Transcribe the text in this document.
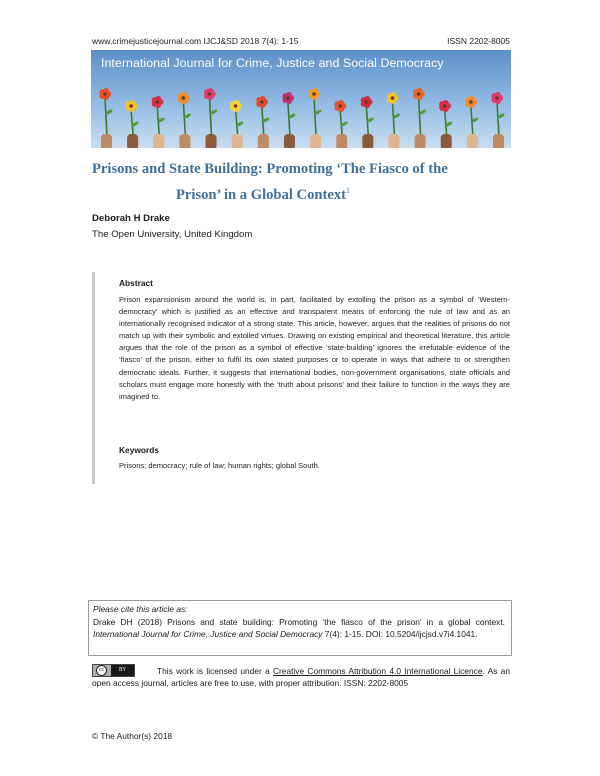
www.crimejusticejournal.com IJCJ&SD 2018 7(4): 1-15	ISSN 2202-8005
International Journal for Crime, Justice and Social Democracy
Prisons and State Building: Promoting ‘The Fiasco of the
Prison’ in a Global Context$^1$
Deborah H Drake
The Open University, United Kingdom
Abstract
Prison expansionism around the world is, in part, facilitated by extolling the prison as a symbol of ‘Western-democracy’ which is justified as an effective and transparent means of enforcing the rule of law and as an internationally recognised indicator of a strong state. This article, however, argues that the realities of prisons do not match up with their symbolic and extolled virtues. Drawing on existing empirical and theoretical literature, this article argues that the role of the prison as a symbol of effective ‘state-building’ ignores the irrefutable evidence of the ‘fiasco’ of the prison, either to fulfil its own stated purposes or to operate in ways that adhere to or strengthen democratic ideals. Further, it suggests that international bodies, non-government organisations, state officials and scholars must engage more honestly with the ‘truth about prisons’ and their failure to function in the ways they are imagined to.
Keywords
Prisons; democracy; rule of law; human rights; global South.
Please cite this article as:
Drake DH (2018) Prisons and state building: Promoting ‘the fiasco of the prison’ in a global context. International Journal for Crime, Justice and Social Democracy 7(4): 1-15. DOI: 10.5204/ijcjsd.v7i4.1041.
This work is licensed under a Creative Commons Attribution 4.0 International Licence. As an open access journal, articles are free to use, with proper attribution. ISSN: 2202-8005
cc	BY
© The Author(s) 2018
